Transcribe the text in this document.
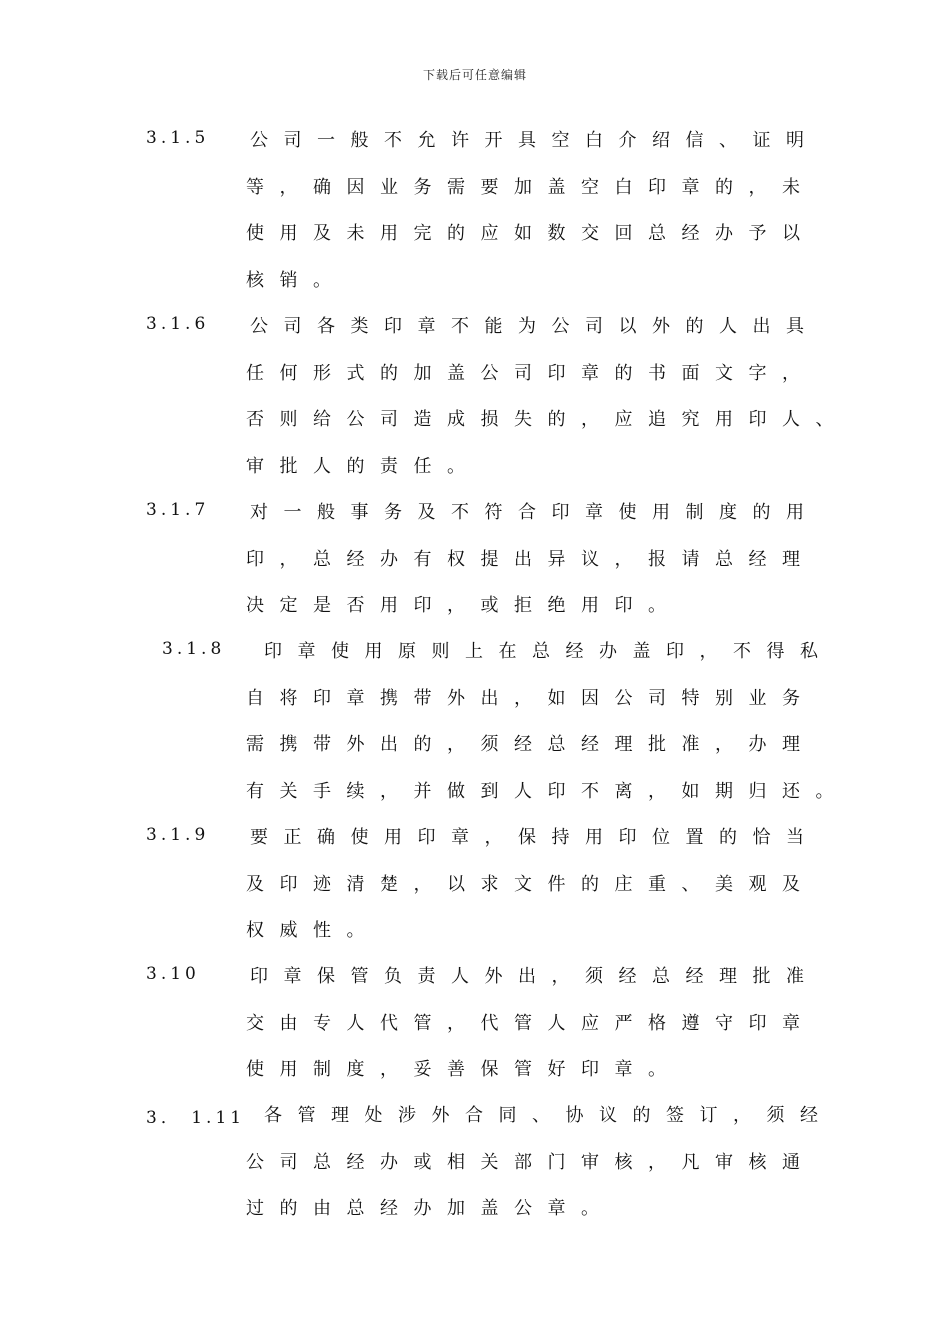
下载后可任意编辑
3.1.5 公司一般不允许开具空白介绍信、证明
等，确因业务需要加盖空白印章的，未
使用及未用完的应如数交回总经办予以
核销。
3.1.6 公司各类印章不能为公司以外的人出具
任何形式的加盖公司印章的书面文字，
否则给公司造成损失的，应追究用印人、
审批人的责任。
3.1.7 对一般事务及不符合印章使用制度的用
印，总经办有权提出异议，报请总经理
决定是否用印，或拒绝用印。
3.1.8 印章使用原则上在总经办盖印，不得私
自将印章携带外出，如因公司特别业务
需携带外出的，须经总经理批准，办理
有关手续，并做到人印不离，如期归还。
3.1.9 要正确使用印章，保持用印位置的恰当
及印迹清楚，以求文件的庄重、美观及
权威性。
3.10	印章保管负责人外出，须经总经理批准
交由专人代管，代管人应严格遵守印章
使用制度，妥善保管好印章。
3． 1.11 各管理处涉外合同、协议的签订，须经
公司总经办或相关部门审核，凡审核通
过的由总经办加盖公章。
